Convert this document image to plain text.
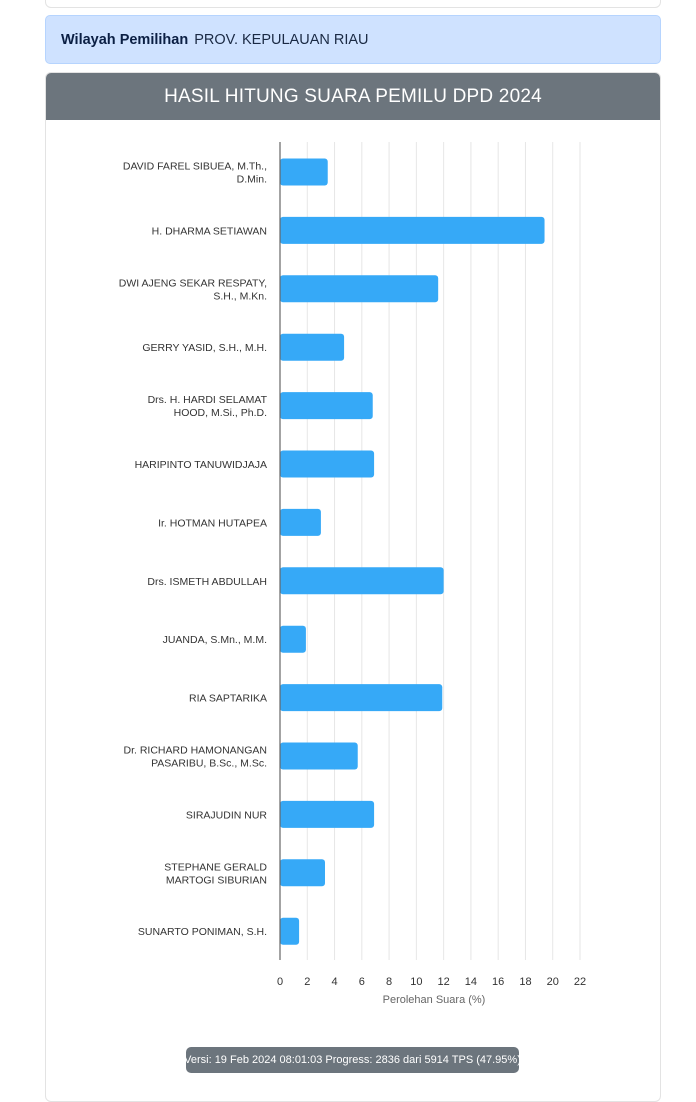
Wilayah Pemilihan PROV. KEPULAUAN RIAU
HASIL HITUNG SUARA PEMILU DPD 2024
DAVID FAREL SIBUEA, M.Th., D.Min.
H. DHARMA SETIAWAN
DWI AJENG SEKAR RESPATY, S.H., M.Kn.
GERRY YASID, S.H., M.H.
Drs. H. HARDI SELAMAT HOOD, M.Si., Ph.D.
HARIPINTO TANUWIDJAJA
Ir. HOTMAN HUTAPEA
Drs. ISMETH ABDULLAH
JUANDA, S.Mn., M.M.
RIA SAPTARIKA
Dr. RICHARD HAMONANGAN PASARIBU, B.Sc., M.Sc.
SIRAJUDIN NUR
STEPHANE GERALD MARTOGI SIBURIAN
SUNARTO PONIMAN, S.H.
0 2 4 6 8 10 12 14 16 18 20 22
Perolehan Suara (%)
Versi: 19 Feb 2024 08:01:03 Progress: 2836 dari 5914 TPS (47.95%)
